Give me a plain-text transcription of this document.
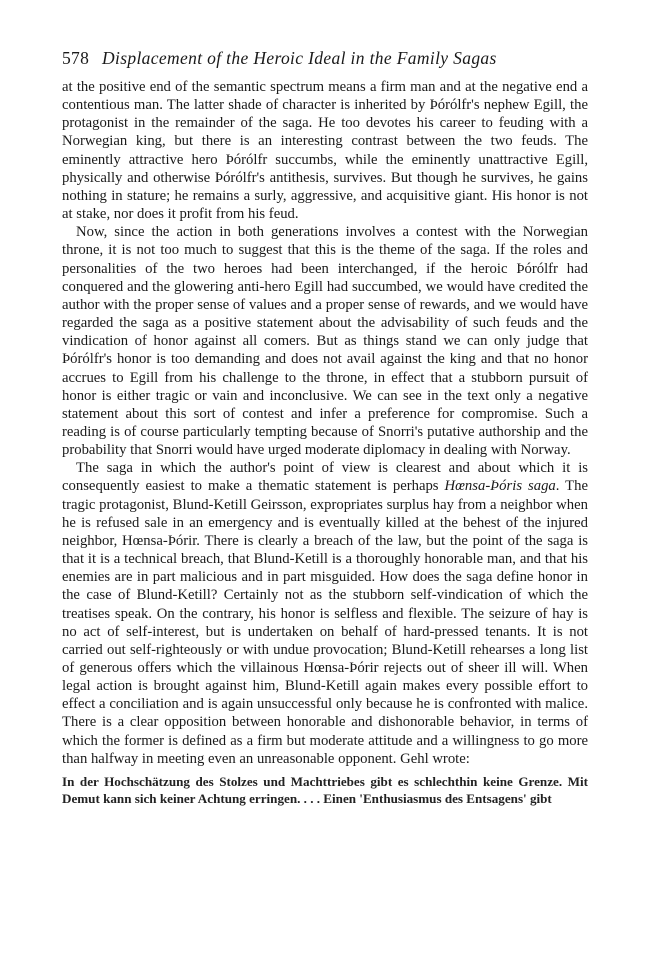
578 Displacement of the Heroic Ideal in the Family Sagas

at the positive end of the semantic spectrum means a firm man and at the negative end a contentious man. The latter shade of character is inherited by Þórólfr's nephew Egill, the protagonist in the remainder of the saga. He too devotes his career to feuding with a Norwegian king, but there is an interesting contrast between the two feuds. The eminently attractive hero Þórólfr succumbs, while the eminently unattractive Egill, physically and otherwise Þórólfr's antithesis, survives. But though he survives, he gains nothing in stature; he remains a surly, aggressive, and acquisitive giant. His honor is not at stake, nor does it profit from his feud.

Now, since the action in both generations involves a contest with the Norwegian throne, it is not too much to suggest that this is the theme of the saga. If the roles and personalities of the two heroes had been interchanged, if the heroic Þórólfr had conquered and the glowering anti-hero Egill had succumbed, we would have credited the author with the proper sense of values and a proper sense of rewards, and we would have regarded the saga as a positive statement about the advisability of such feuds and the vindication of honor against all comers. But as things stand we can only judge that Þórólfr's honor is too demanding and does not avail against the king and that no honor accrues to Egill from his challenge to the throne, in effect that a stubborn pursuit of honor is either tragic or vain and inconclusive. We can see in the text only a negative statement about this sort of contest and infer a preference for compromise. Such a reading is of course particularly tempting because of Snorri's putative authorship and the probability that Snorri would have urged moderate diplomacy in dealing with Norway.

The saga in which the author's point of view is clearest and about which it is consequently easiest to make a thematic statement is perhaps Hœnsa-Þóris saga. The tragic protagonist, Blund-Ketill Geirsson, expropriates surplus hay from a neighbor when he is refused sale in an emergency and is eventually killed at the behest of the injured neighbor, Hœnsa-Þórir. There is clearly a breach of the law, but the point of the saga is that it is a technical breach, that Blund-Ketill is a thoroughly honorable man, and that his enemies are in part malicious and in part misguided. How does the saga define honor in the case of Blund-Ketill? Certainly not as the stubborn self-vindication of which the treatises speak. On the contrary, his honor is selfless and flexible. The seizure of hay is no act of self-interest, but is undertaken on behalf of hard-pressed tenants. It is not carried out self-righteously or with undue provocation; Blund-Ketill rehearses a long list of generous offers which the villainous Hœnsa-Þórir rejects out of sheer ill will. When legal action is brought against him, Blund-Ketill again makes every possible effort to effect a conciliation and is again unsuccessful only because he is confronted with malice. There is a clear opposition between honorable and dishonorable behavior, in terms of which the former is defined as a firm but moderate attitude and a willingness to go more than halfway in meeting even an unreasonable opponent. Gehl wrote:

In der Hochschätzung des Stolzes und Machttriebes gibt es schlechthin keine Grenze. Mit Demut kann sich keiner Achtung erringen. . . . Einen 'Enthusiasmus des Entsagens' gibt
